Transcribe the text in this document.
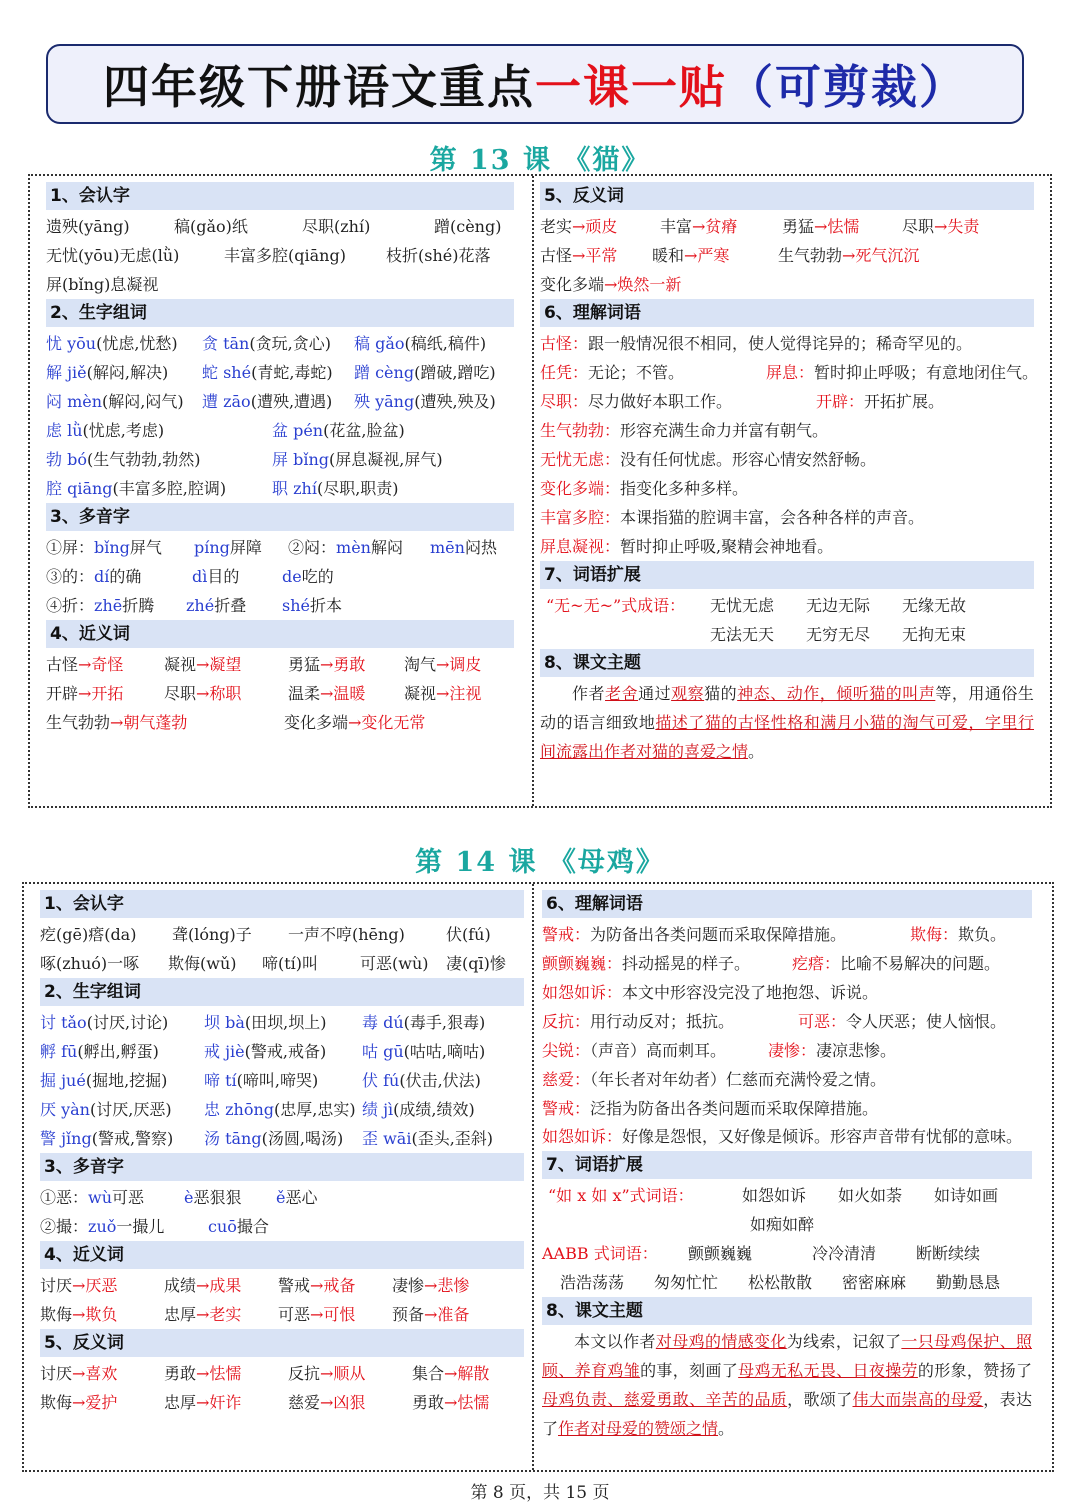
四年级下册语文重点 一课一贴 （可剪裁）
第 13 课 《猫》
1、会认字
遗殃(yāng)	稿(gǎo)纸	尽职(zhí)	蹭(cèng)
无忧(yōu)无虑(lǜ)	丰富多腔(qiāng)	枝折(shé)花落
屏(bǐng)息凝视
2、生字组词
忧 yōu(忧虑,忧愁) 贪 tān(贪玩,贪心) 稿 gǎo(稿纸,稿件)
解 jiě(解闷,解决) 蛇 shé(青蛇,毒蛇) 蹭 cèng(蹭破,蹭吃)
闷 mèn(解闷,闷气) 遭 zāo(遭殃,遭遇) 殃 yāng(遭殃,殃及)
虑 lǜ(忧虑,考虑)	盆 pén(花盆,脸盆)
勃 bó(生气勃勃,勃然)	屏 bǐng(屏息凝视,屏气)
腔 qiāng(丰富多腔,腔调)	职 zhí(尽职,职责)
3、多音字
①屏：bǐng屏气 píng屏障 ②闷：mèn解闷 mēn闷热
③的：dí的确	dì目的	de吃的
④折：zhē折腾 zhé折叠 shé折本
4、近义词
古怪→奇怪	凝视→凝望	勇猛→勇敢 淘气→调皮
开辟→开拓	尽职→称职	温柔→温暖 凝视→注视
生气勃勃→朝气蓬勃	变化多端→变化无常
5、反义词
老实→顽皮	丰富→贫瘠	勇猛→怯懦	尽职→失责
古怪→平常 暖和→严寒	生气勃勃→死气沉沉
变化多端→焕然一新
6、理解词语
古怪：跟一般情况很不相同，使人觉得诧异的；稀奇罕见的。
任凭：无论；不管。	屏息：暂时抑止呼吸；有意地闭住气。
尽职：尽力做好本职工作。	开辟：开拓扩展。
生气勃勃：形容充满生命力并富有朝气。
无忧无虑：没有任何忧虑。形容心情安然舒畅。
变化多端：指变化多种多样。
丰富多腔：本课指猫的腔调丰富，会各种各样的声音。
屏息凝视：暂时抑止呼吸,聚精会神地看。
7、词语扩展
“无~无~”式成语： 无忧无虑 无边无际 无缘无故
无法无天 无穷无尽 无拘无束
8、课文主题
作者老舍通过观察猫的神态、动作，倾听猫的叫声等，用通俗生动的语言细致地描述了猫的古怪性格和满月小猫的淘气可爱，字里行间流露出作者对猫的喜爱之情。
第 14 课 《母鸡》
1、会认字
疙(gē)瘩(da) 聋(lóng)子 一声不哼(hēng)	伏(fú)
啄(zhuó)一啄 欺侮(wǔ) 啼(tí)叫	可恶(wù) 凄(qī)惨
2、生字组词
讨 tǎo(讨厌,讨论) 坝 bà(田坝,坝上) 毒 dú(毒手,狠毒)
孵 fū(孵出,孵蛋)	戒 jiè(警戒,戒备) 咕 gū(咕咕,嘀咕)
掘 jué(掘地,挖掘) 啼 tí(啼叫,啼哭)	伏 fú(伏击,伏法)
厌 yàn(讨厌,厌恶) 忠 zhōng(忠厚,忠实) 绩 jì(成绩,绩效)
警 jǐng(警戒,警察) 汤 tāng(汤圆,喝汤) 歪 wāi(歪头,歪斜)
3、多音字
①恶：wù可恶 è恶狠狠 ě恶心
②撮：zuǒ一撮儿	cuō撮合
4、近义词
讨厌→厌恶	成绩→成果 警戒→戒备 凄惨→悲惨
欺侮→欺负	忠厚→老实 可恶→可恨 预备→准备
5、反义词
讨厌→喜欢	勇敢→怯懦	反抗→顺从	集合→解散
欺侮→爱护	忠厚→奸诈	慈爱→凶狠	勇敢→怯懦
6、理解词语
警戒：为防备出各类问题而采取保障措施。	欺侮：欺负。
颤颤巍巍：抖动摇晃的样子。	疙瘩：比喻不易解决的问题。
如怨如诉：本文中形容没完没了地抱怨、诉说。
反抗：用行动反对；抵抗。	可恶：令人厌恶；使人恼恨。
尖锐：（声音）高而刺耳。	凄惨：凄凉悲惨。
慈爱：（年长者对年幼者）仁慈而充满怜爱之情。
警戒：泛指为防备出各类问题而采取保障措施。
如怨如诉：好像是怨恨，又好像是倾诉。形容声音带有忧郁的意味。
7、词语扩展
“如 x 如 x”式词语：	如怨如诉 如火如荼 如诗如画
如痴如醉
AABB 式词语： 颤颤巍巍	冷冷清清 断断续续
浩浩荡荡 匆匆忙忙 松松散散 密密麻麻 勤勤恳恳
8、课文主题
本文以作者对母鸡的情感变化为线索，记叙了一只母鸡保护、照顾、养育鸡雏的事，刻画了母鸡无私无畏、日夜操劳的形象，赞扬了母鸡负责、慈爱勇敢、辛苦的品质，歌颂了伟大而崇高的母爱，表达了作者对母爱的赞颂之情。
第 8 页，共 15 页
